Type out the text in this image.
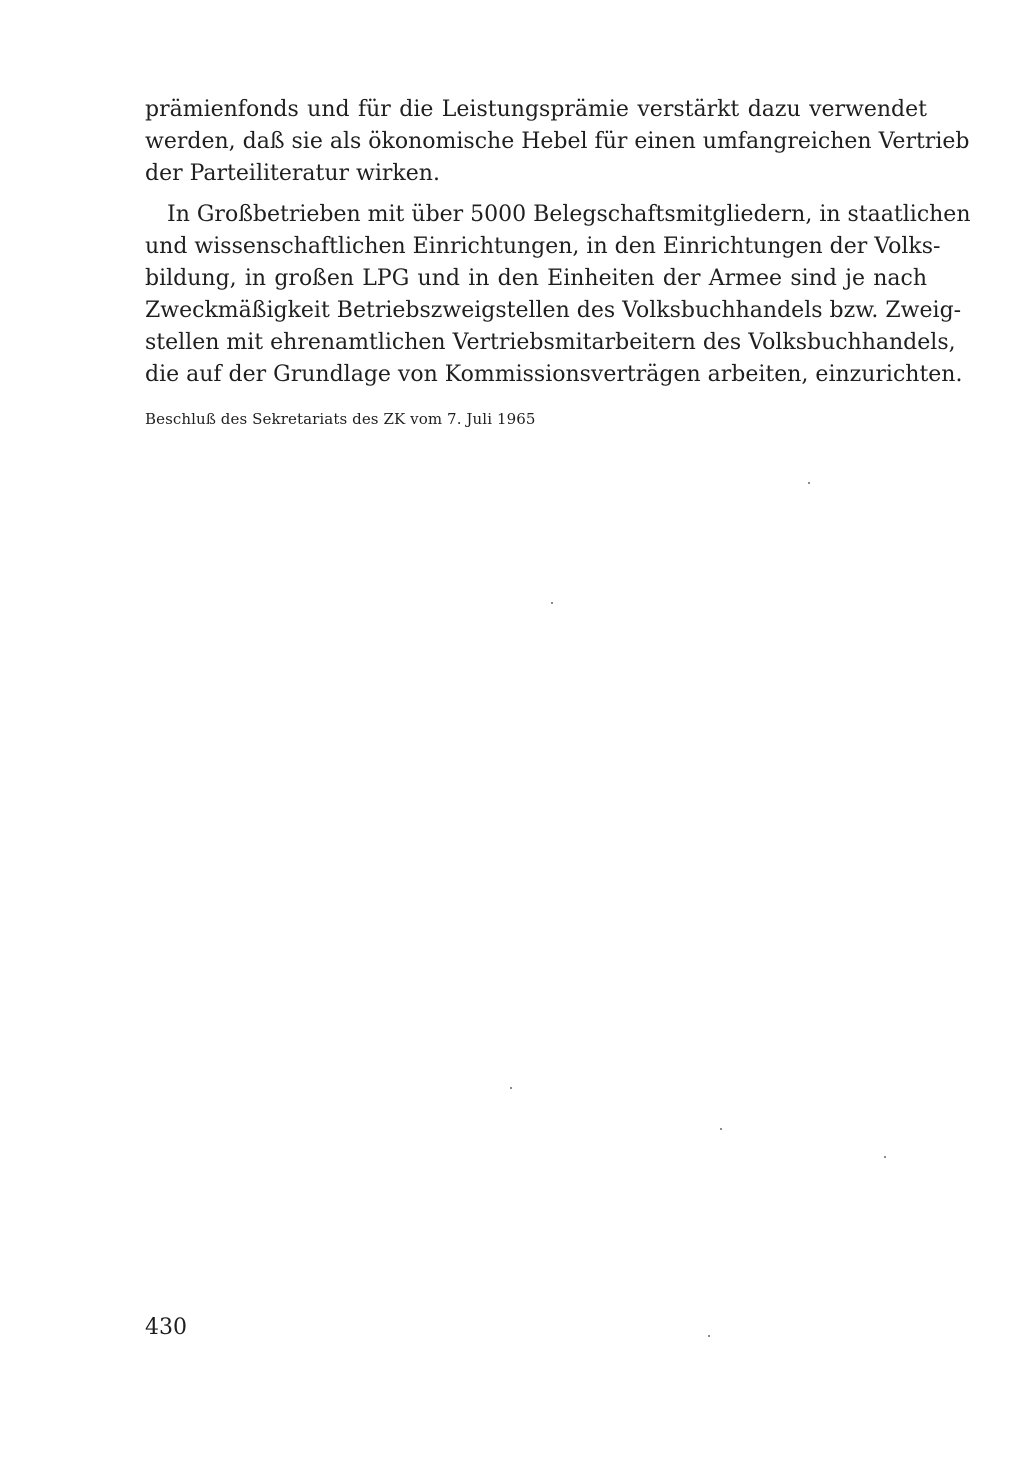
prämienfonds und für die Leistungsprämie verstärkt dazu verwendet
werden, daß sie als ökonomische Hebel für einen umfangreichen Vertrieb
der Parteiliteratur wirken.
In Großbetrieben mit über 5000 Belegschaftsmitgliedern, in staatlichen
und wissenschaftlichen Einrichtungen, in den Einrichtungen der Volks-
bildung, in großen LPG und in den Einheiten der Armee sind je nach
Zweckmäßigkeit Betriebszweigstellen des Volksbuchhandels bzw. Zweig-
stellen mit ehrenamtlichen Vertriebsmitarbeitern des Volksbuchhandels,
die auf der Grundlage von Kommissionsverträgen arbeiten, einzurichten.
Beschluß des Sekretariats des ZK vom 7. Juli 1965
430
